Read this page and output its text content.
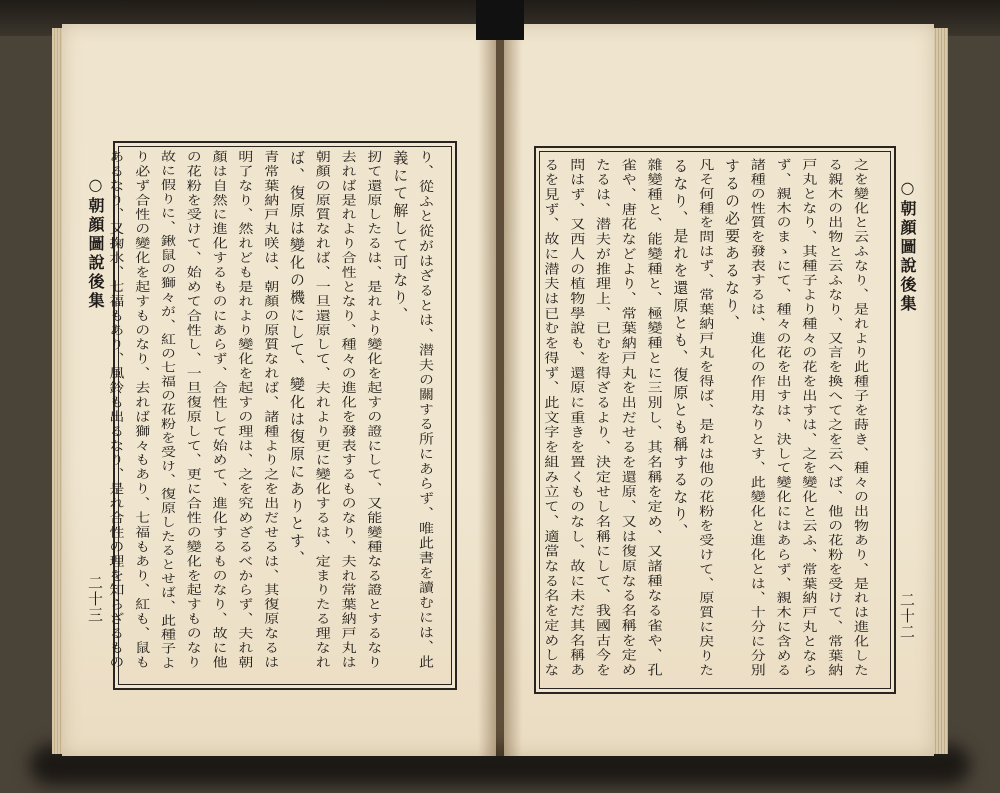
○朝顔圖說後集
二十三
○朝顔圖說後集
二十二
之を變化と云ふなり、是れより此種子を蒔き、種々の出物あり、是れは進化した
る親木の出物と云ふなり、又言を換へて之を云へば、他の花粉を受けて、常葉納
戸丸となり、其種子より種々の花を出すは、之を變化と云ふ、常葉納戸丸となら
ず、親木のまゝにて、種々の花を出すは、決して變化にはあらず、親木に含める
諸種の性質を發表するは、進化の作用なりとす、此變化と進化とは、十分に分別
するの必要あるなり、
凡そ何種を問はず、常葉納戸丸を得ば、是れは他の花粉を受けて、原質に戻りた
るなり、是れを還原とも、復原とも稱するなり、
雜變種と、能變種と、極變種とに三別し、其名稱を定め、又諸種なる雀や、孔
雀や、唐花などより、常葉納戸丸を出だせるを還原、又は復原なる名稱を定め
たるは、潜夫が推理上、已むを得ざるより、決定せし名稱にして、我國古今を
問はず、又西人の植物學說も、還原に重きを置くものなし、故に未だ其名稱あ
るを見ず、故に潜夫は已むを得ず、此文字を組み立て、適當なる名を定めしな
り、從ふと從がはざるとは、潜夫の關する所にあらず、唯此書を讀むには、此
義にて解して可なり、
扨て還原したるは、是れより變化を起すの證にして、又能變種なる證とするなり
去れば是れより合性となり、種々の進化を發表するものなり、夫れ常葉納戸丸は
朝顏の原質なれば、一旦還原して、夫れより更に變化するは、定まりたる理なれ
ば、復原は變化の機にして、變化は復原にありとす、
青常葉納戸丸咲は、朝顏の原質なれば、諸種より之を出だせるは、其復原なるは
明了なり、然れども是れより變化を起すの理は、之を究めざるべからず、夫れ朝
顏は自然に進化するものにあらず、合性して始めて、進化するものなり、故に他
の花粉を受けて、始めて合性し、一旦復原して、更に合性の變化を起すものなり
故に假りに、鍬鼠の獅々が、紅の七福の花粉を受け、復原したるとせば、此種子よ
り必ず合性の變化を起すものなり、去れば獅々もあり、七福もあり、紅も、鼠も
あるなり、又掬水、七福もあり、風鈴も出るなり、是れ合性の理を知らざるもの
